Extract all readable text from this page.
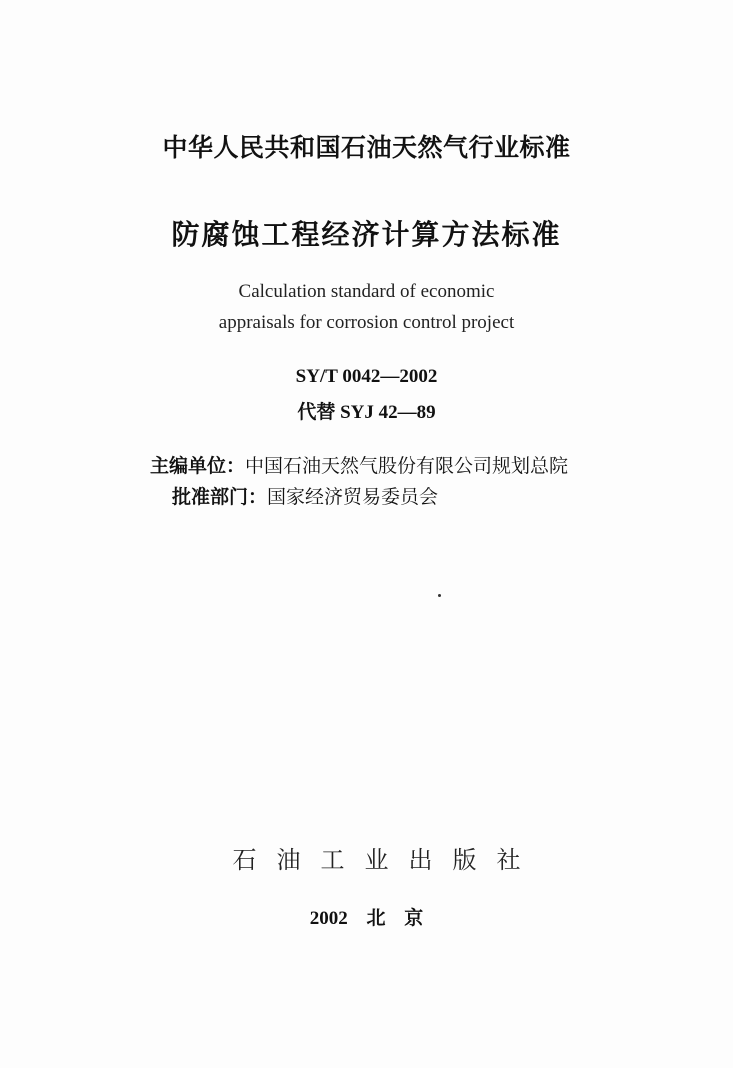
中华人民共和国石油天然气行业标准
防腐蚀工程经济计算方法标准
Calculation standard of economic
appraisals for corrosion control project
SY/T 0042—2002
代替 SYJ 42—89
主编单位：中国石油天然气股份有限公司规划总院
批准部门：国家经济贸易委员会
石油工业出版社
2002 北 京
